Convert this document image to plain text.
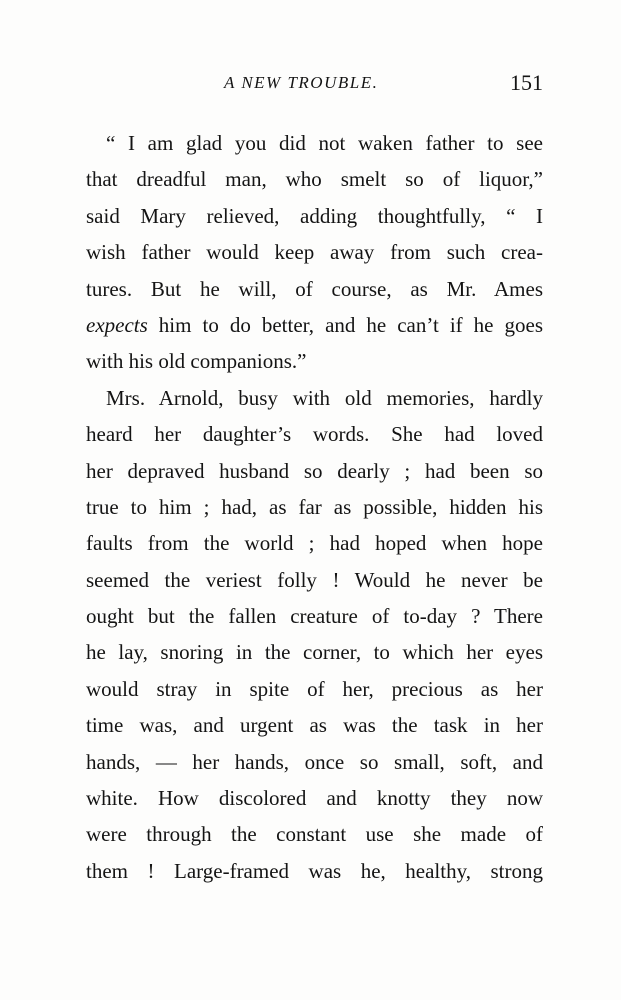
A NEW TROUBLE.	151
“ I am glad you did not waken father to see
that dreadful man, who smelt so of liquor,”
said Mary relieved, adding thoughtfully, “ I
wish father would keep away from such crea-
tures. But he will, of course, as Mr. Ames
expects him to do better, and he can’t if he goes
with his old companions.”
Mrs. Arnold, busy with old memories, hardly
heard her daughter’s words. She had loved
her depraved husband so dearly ; had been so
true to him ; had, as far as possible, hidden his
faults from the world ; had hoped when hope
seemed the veriest folly ! Would he never be
ought but the fallen creature of to-day ? There
he lay, snoring in the corner, to which her eyes
would stray in spite of her, precious as her
time was, and urgent as was the task in her
hands, — her hands, once so small, soft, and
white. How discolored and knotty they now
were through the constant use she made of
them ! Large-framed was he, healthy, strong
